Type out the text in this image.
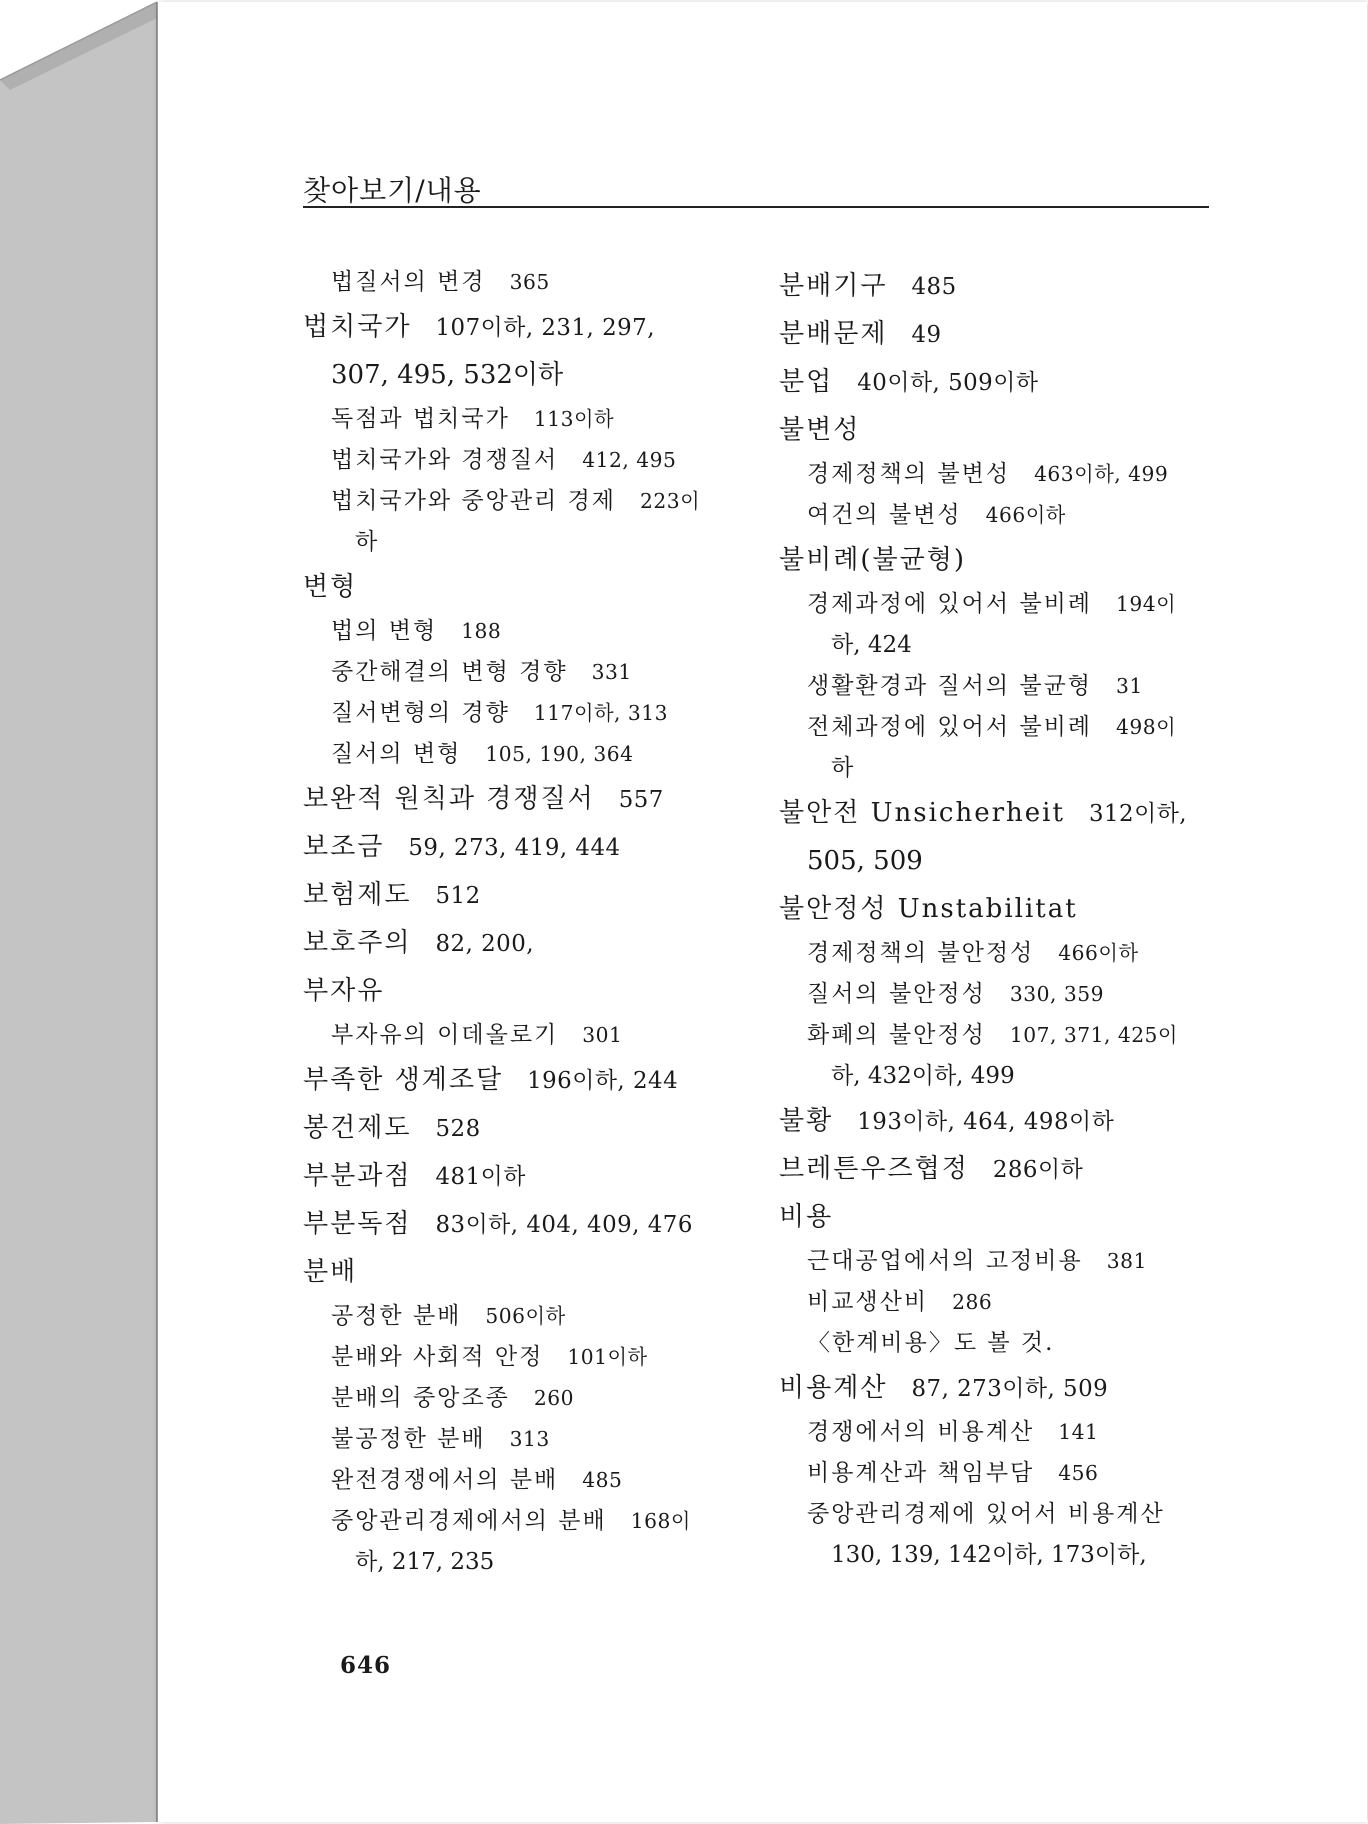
찾아보기/내용
법질서의 변경 365
법치국가 107이하, 231, 297,
307, 495, 532이하
독점과 법치국가 113이하
법치국가와 경쟁질서 412, 495
법치국가와 중앙관리 경제 223이
하
변형
법의 변형 188
중간해결의 변형 경향 331
질서변형의 경향 117이하, 313
질서의 변형 105, 190, 364
보완적 원칙과 경쟁질서 557
보조금 59, 273, 419, 444
보험제도 512
보호주의 82, 200,
부자유
부자유의 이데올로기 301
부족한 생계조달 196이하, 244
봉건제도 528
부분과점 481이하
부분독점 83이하, 404, 409, 476
분배
공정한 분배 506이하
분배와 사회적 안정 101이하
분배의 중앙조종 260
불공정한 분배 313
완전경쟁에서의 분배 485
중앙관리경제에서의 분배 168이
하, 217, 235
분배기구 485
분배문제 49
분업 40이하, 509이하
불변성
경제정책의 불변성 463이하, 499
여건의 불변성 466이하
불비례(불균형)
경제과정에 있어서 불비례 194이
하, 424
생활환경과 질서의 불균형 31
전체과정에 있어서 불비례 498이
하
불안전 Unsicherheit 312이하,
505, 509
불안정성 Unstabilitat
경제정책의 불안정성 466이하
질서의 불안정성 330, 359
화폐의 불안정성 107, 371, 425이
하, 432이하, 499
불황 193이하, 464, 498이하
브레튼우즈협정 286이하
비용
근대공업에서의 고정비용 381
비교생산비 286
〈한계비용〉도 볼 것.
비용계산 87, 273이하, 509
경쟁에서의 비용계산 141
비용계산과 책임부담 456
중앙관리경제에 있어서 비용계산
130, 139, 142이하, 173이하,
646
